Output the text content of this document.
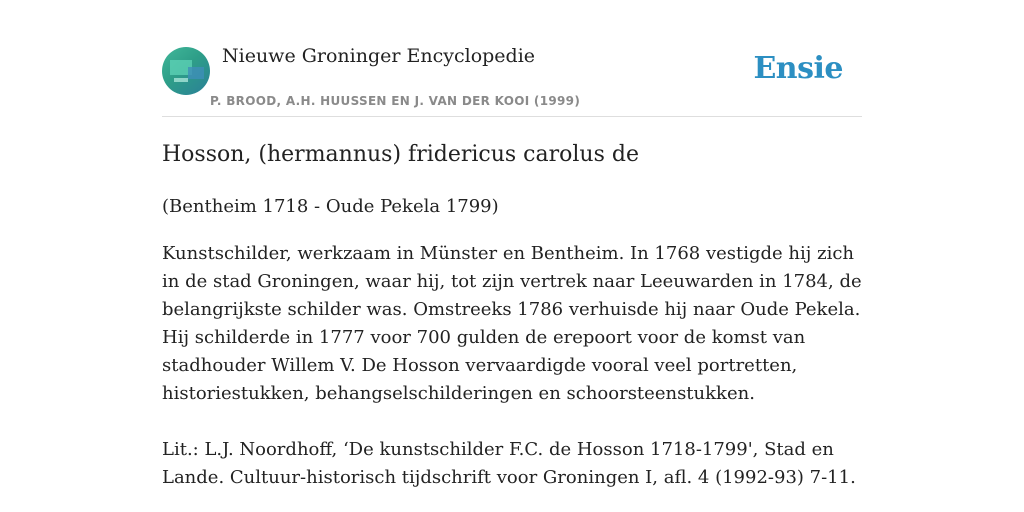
Nieuwe Groninger Encyclopedie
P. BROOD, A.H. HUUSSEN EN J. VAN DER KOOI (1999)
Ensie
Hosson, (hermannus) fridericus carolus de
(Bentheim 1718 - Oude Pekela 1799)

Kunstschilder, werkzaam in Münster en Bentheim. In 1768 vestigde hij zich in de stad Groningen, waar hij, tot zijn vertrek naar Leeuwarden in 1784, de belangrijkste schilder was. Omstreeks 1786 verhuisde hij naar Oude Pekela. Hij schilderde in 1777 voor 700 gulden de erepoort voor de komst van stadhouder Willem V. De Hosson vervaardigde vooral veel portretten, historiestukken, behangselschilderingen en schoorsteenstukken.

Lit.: L.J. Noordhoff, ‘De kunstschilder F.C. de Hosson 1718-1799', Stad en Lande. Cultuur-historisch tijdschrift voor Groningen I, afl. 4 (1992-93) 7-11.
